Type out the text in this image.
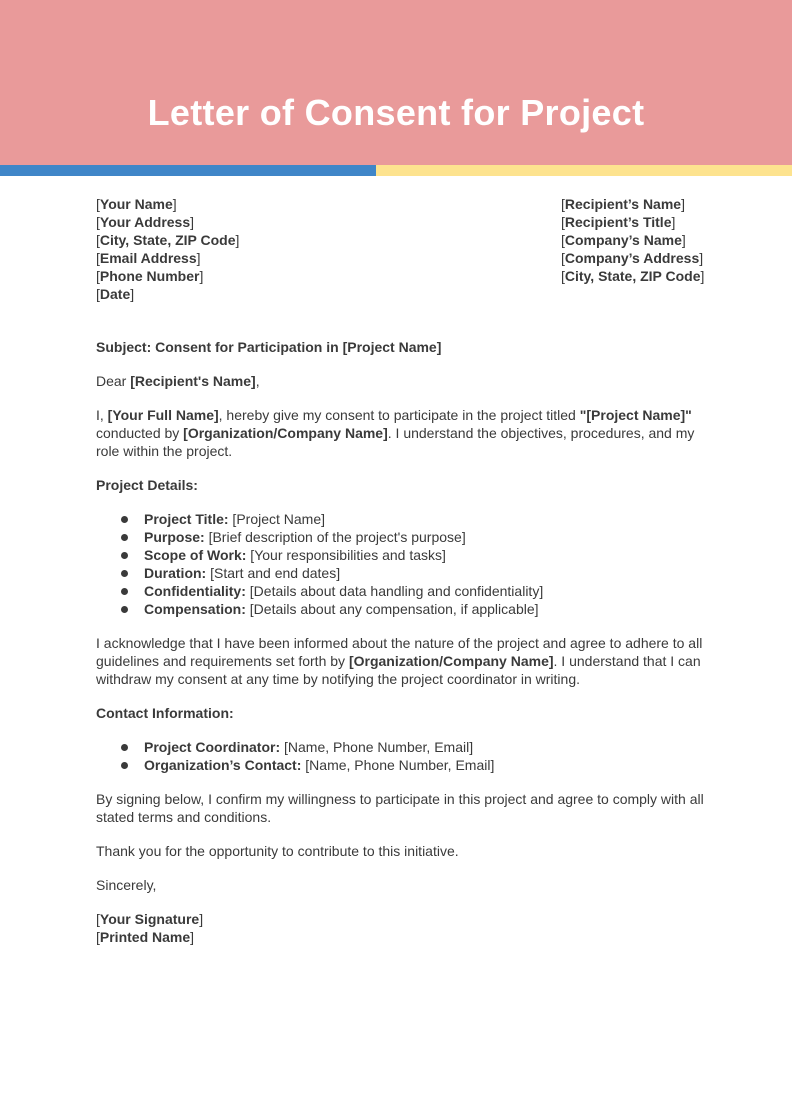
Letter of Consent for Project
[Your Name]
[Your Address]
[City, State, ZIP Code]
[Email Address]
[Phone Number]
[Date]
[Recipient’s Name]
[Recipient’s Title]
[Company’s Name]
[Company’s Address]
[City, State, ZIP Code]

Subject: Consent for Participation in [Project Name]

Dear [Recipient's Name],

I, [Your Full Name], hereby give my consent to participate in the project titled "[Project Name]" conducted by [Organization/Company Name]. I understand the objectives, procedures, and my role within the project.

Project Details:

Project Title: [Project Name]
Purpose: [Brief description of the project's purpose]
Scope of Work: [Your responsibilities and tasks]
Duration: [Start and end dates]
Confidentiality: [Details about data handling and confidentiality]
Compensation: [Details about any compensation, if applicable]

I acknowledge that I have been informed about the nature of the project and agree to adhere to all guidelines and requirements set forth by [Organization/Company Name]. I understand that I can withdraw my consent at any time by notifying the project coordinator in writing.

Contact Information:

Project Coordinator: [Name, Phone Number, Email]
Organization’s Contact: [Name, Phone Number, Email]

By signing below, I confirm my willingness to participate in this project and agree to comply with all stated terms and conditions.

Thank you for the opportunity to contribute to this initiative.

Sincerely,

[Your Signature]
[Printed Name]
